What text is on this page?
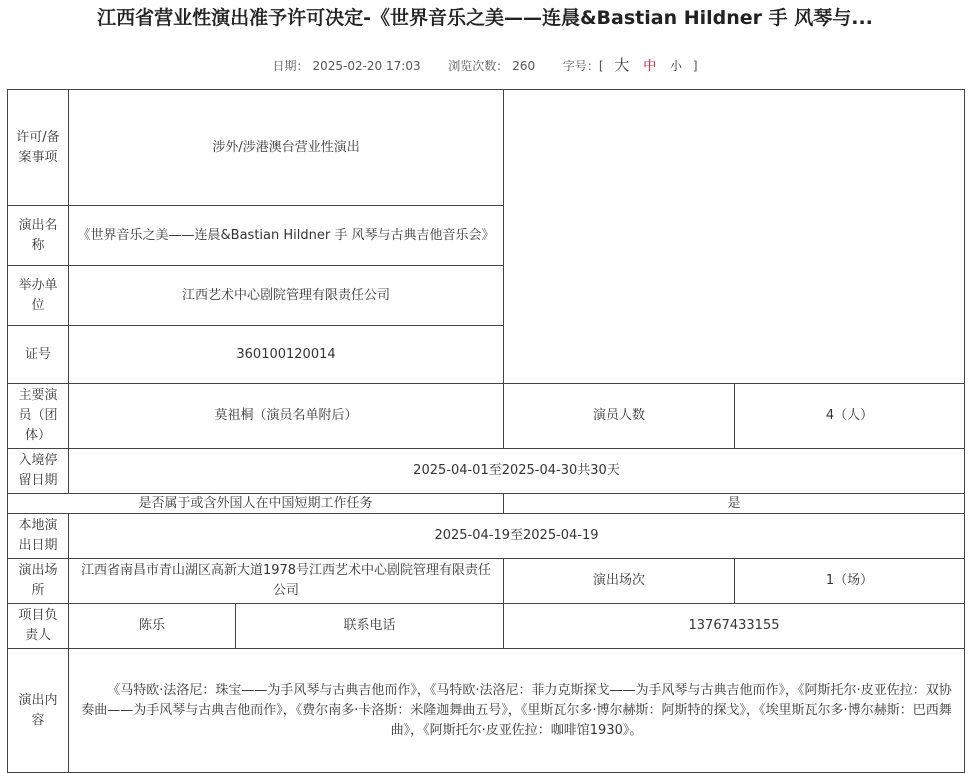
江西省营业性演出准予许可决定-《世界音乐之美——连晨&Bastian Hildner 手 风琴与...
日期： 2025-02-20 17:03 浏览次数： 260 字号：[ 大 中 小 ]
许可/备案事项	涉外/涉港澳台营业性演出			
演出名称	《世界音乐之美——连晨&Bastian Hildner 手 风琴与古典吉他音乐会》			
举办单位	江西艺术中心剧院管理有限责任公司			
证号	360100120014			
主要演员（团体）	莫祖桐（演员名单附后）		演员人数	4（人）
入境停留日期	2025-04-01至2025-04-30共30天			
是否属于或含外国人在中国短期工作任务			是	
本地演出日期	2025-04-19至2025-04-19			
演出场所	江西省南昌市青山湖区高新大道1978号江西艺术中心剧院管理有限责任公司		演出场次	1（场）
项目负责人	陈乐	联系电话	13767433155	
演出内容	《马特欧·法洛尼：珠宝——为手风琴与古典吉他而作》，《马特欧·法洛尼：菲力克斯探戈——为手风琴与古典吉他而作》，《阿斯托尔·皮亚佐拉：双协奏曲——为手风琴与古典吉他而作》，《费尔南多·卡洛斯：米隆迦舞曲五号》，《里斯瓦尔多·博尔赫斯：阿斯特的探戈》，《埃里斯瓦尔多·博尔赫斯：巴西舞曲》，《阿斯托尔·皮亚佐拉：咖啡馆1930》。			
